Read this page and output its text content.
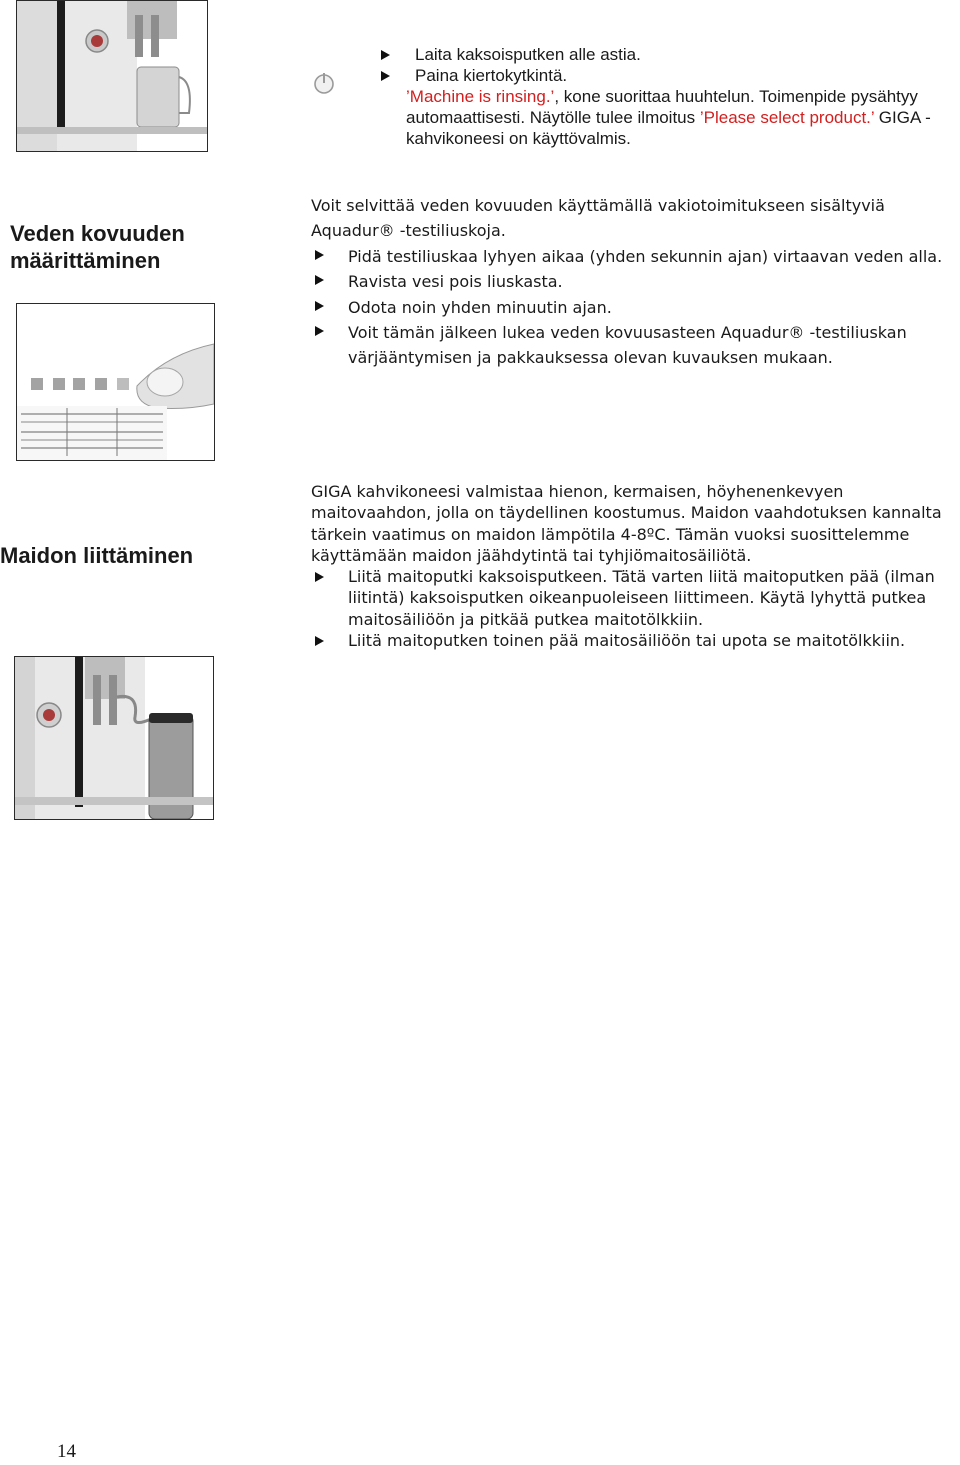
Laita kaksoisputken alle astia.
Paina kiertokytkintä.
’Machine is rinsing.’, kone suorittaa huuhtelun. Toimenpide pysähtyy automaattisesti. Näytölle tulee ilmoitus ’Please select product.’ GIGA -kahvikoneesi on käyttövalmis.
Veden kovuuden määrittäminen
Voit selvittää veden kovuuden käyttämällä vakiotoimitukseen sisältyviä Aquadur® -testiliuskoja.
Pidä testiliuskaa lyhyen aikaa (yhden sekunnin ajan) virtaavan veden alla.
Ravista vesi pois liuskasta.
Odota noin yhden minuutin ajan.
Voit tämän jälkeen lukea veden kovuusasteen Aquadur® -testiliuskan värjääntymisen ja pakkauksessa olevan kuvauksen mukaan.
Maidon liittäminen
GIGA kahvikoneesi valmistaa hienon, kermaisen, höyhenenkevyen maitovaahdon, jolla on täydellinen koostumus. Maidon vaahdotuksen kannalta tärkein vaatimus on maidon lämpötila 4-8ºC. Tämän vuoksi suosittelemme käyttämään maidon jäähdytintä tai tyhjiömaitosäiliötä.
Liitä maitoputki kaksoisputkeen. Tätä varten liitä maitoputken pää (ilman liitintä) kaksoisputken oikeanpuoleiseen liittimeen. Käytä lyhyttä putkea maitosäiliöön ja pitkää putkea maitotölkkiin.
Liitä maitoputken toinen pää maitosäiliöön tai upota se maitotölkkiin.
14
